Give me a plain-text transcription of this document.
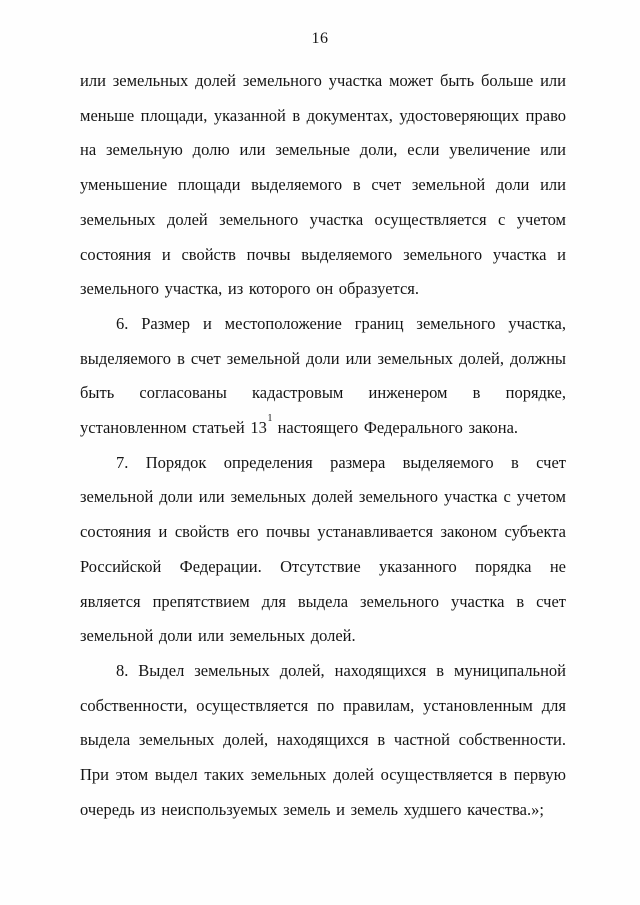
16

или земельных долей земельного участка может быть больше или меньше площади, указанной в документах, удостоверяющих право на земельную долю или земельные доли, если увеличение или уменьшение площади выделяемого в счет земельной доли или земельных долей земельного участка осуществляется с учетом состояния и свойств почвы выделяемого земельного участка и земельного участка, из которого он образуется.

6. Размер и местоположение границ земельного участка, выделяемого в счет земельной доли или земельных долей, должны быть согласованы кадастровым инженером в порядке, установленном статьей 13$^1$ настоящего Федерального закона.

7. Порядок определения размера выделяемого в счет земельной доли или земельных долей земельного участка с учетом состояния и свойств его почвы устанавливается законом субъекта Российской Федерации. Отсутствие указанного порядка не является препятствием для выдела земельного участка в счет земельной доли или земельных долей.

8. Выдел земельных долей, находящихся в муниципальной собственности, осуществляется по правилам, установленным для выдела земельных долей, находящихся в частной собственности. При этом выдел таких земельных долей осуществляется в первую очередь из неиспользуемых земель и земель худшего качества.»;
